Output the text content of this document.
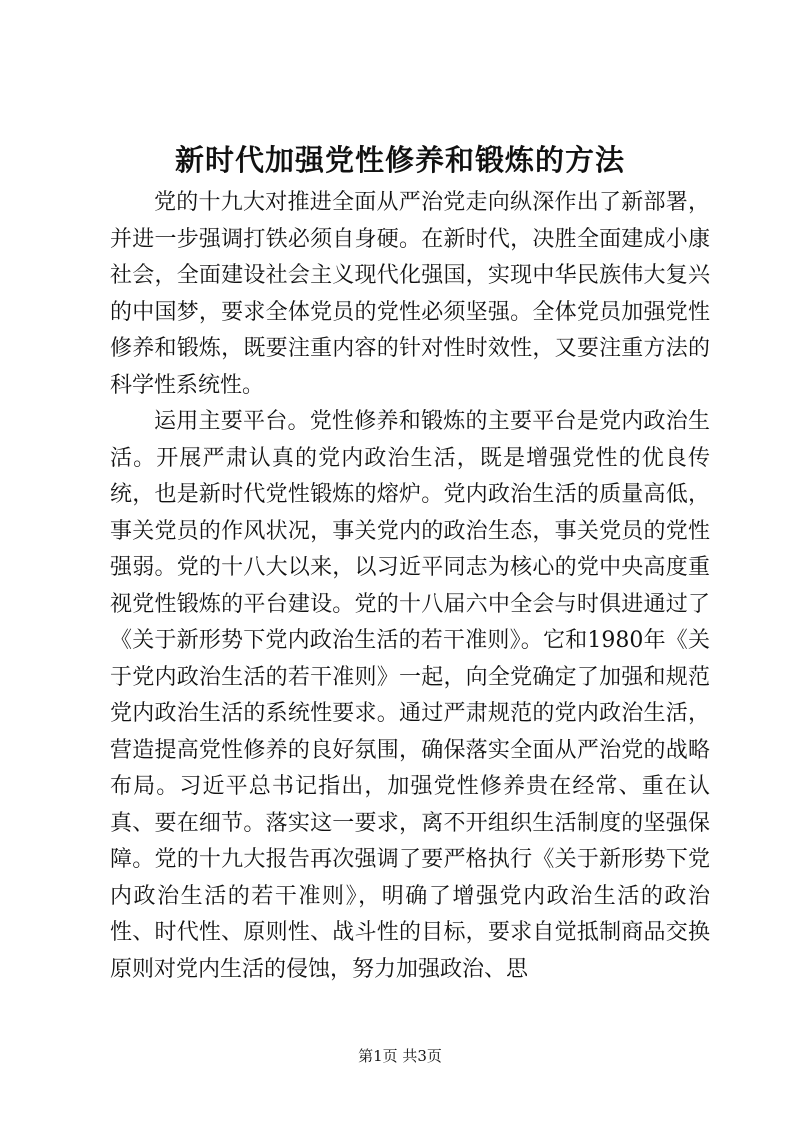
新时代加强党性修养和锻炼的方法

党的十九大对推进全面从严治党走向纵深作出了新部署，并进一步强调打铁必须自身硬。在新时代，决胜全面建成小康社会，全面建设社会主义现代化强国，实现中华民族伟大复兴的中国梦，要求全体党员的党性必须坚强。全体党员加强党性修养和锻炼，既要注重内容的针对性时效性，又要注重方法的科学性系统性。

运用主要平台。党性修养和锻炼的主要平台是党内政治生活。开展严肃认真的党内政治生活，既是增强党性的优良传统，也是新时代党性锻炼的熔炉。党内政治生活的质量高低，事关党员的作风状况，事关党内的政治生态，事关党员的党性强弱。党的十八大以来，以习近平同志为核心的党中央高度重视党性锻炼的平台建设。党的十八届六中全会与时俱进通过了《关于新形势下党内政治生活的若干准则》。它和1980年《关于党内政治生活的若干准则》一起，向全党确定了加强和规范党内政治生活的系统性要求。通过严肃规范的党内政治生活，营造提高党性修养的良好氛围，确保落实全面从严治党的战略布局。习近平总书记指出，加强党性修养贵在经常、重在认真、要在细节。落实这一要求，离不开组织生活制度的坚强保障。党的十九大报告再次强调了要严格执行《关于新形势下党内政治生活的若干准则》，明确了增强党内政治生活的政治性、时代性、原则性、战斗性的目标，要求自觉抵制商品交换原则对党内生活的侵蚀，努力加强政治、思

第1页 共3页
